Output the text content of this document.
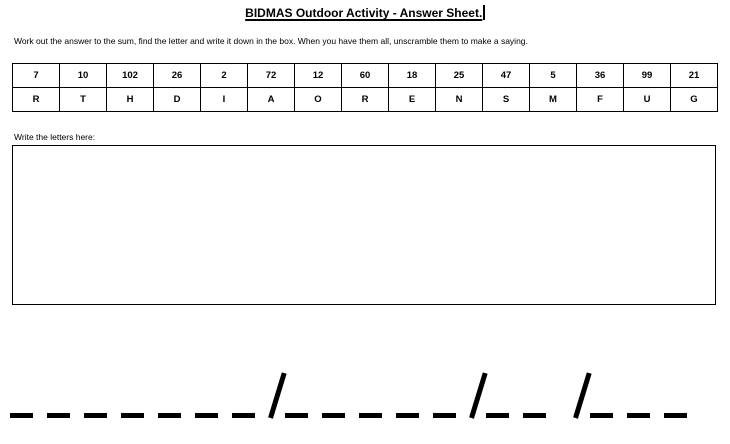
BIDMAS Outdoor Activity - Answer Sheet.
Work out the answer to the sum, find the letter and write it down in the box. When you have them all, unscramble them to make a saying.
7	10	102	26	2	72	12	60	18	25	47	5	36	99	21
R	T	H	D	I	A	O	R	E	N	S	M	F	U	G
Write the letters here:
